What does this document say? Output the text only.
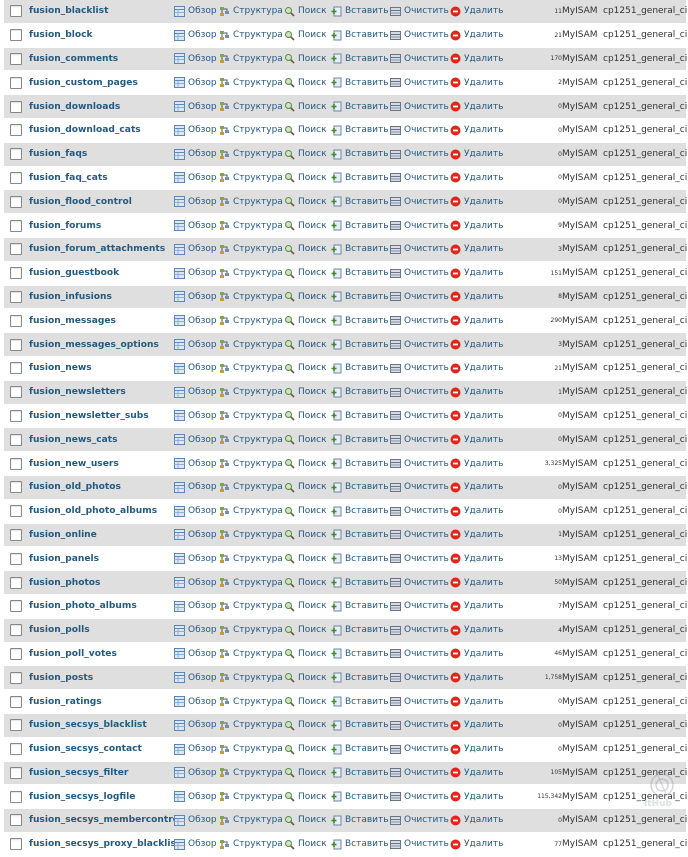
fusion_blacklist	Обзор Структура Поиск Вставить Очистить Удалить	11 MyISAM cp1251_general_ci
fusion_block	Обзор Структура Поиск Вставить Очистить Удалить	21 MyISAM cp1251_general_ci
fusion_comments	Обзор Структура Поиск Вставить Очистить Удалить	170 MyISAM cp1251_general_ci
fusion_custom_pages	Обзор Структура Поиск Вставить Очистить Удалить	2 MyISAM cp1251_general_ci
fusion_downloads	Обзор Структура Поиск Вставить Очистить Удалить	0 MyISAM cp1251_general_ci
fusion_download_cats	Обзор Структура Поиск Вставить Очистить Удалить	0 MyISAM cp1251_general_ci
fusion_faqs	Обзор Структура Поиск Вставить Очистить Удалить	0 MyISAM cp1251_general_ci
fusion_faq_cats	Обзор Структура Поиск Вставить Очистить Удалить	0 MyISAM cp1251_general_ci
fusion_flood_control	Обзор Структура Поиск Вставить Очистить Удалить	0 MyISAM cp1251_general_ci
fusion_forums	Обзор Структура Поиск Вставить Очистить Удалить	9 MyISAM cp1251_general_ci
fusion_forum_attachments	Обзор Структура Поиск Вставить Очистить Удалить	3 MyISAM cp1251_general_ci
fusion_guestbook	Обзор Структура Поиск Вставить Очистить Удалить	151 MyISAM cp1251_general_ci
fusion_infusions	Обзор Структура Поиск Вставить Очистить Удалить	8 MyISAM cp1251_general_ci
fusion_messages	Обзор Структура Поиск Вставить Очистить Удалить	290 MyISAM cp1251_general_ci
fusion_messages_options	Обзор Структура Поиск Вставить Очистить Удалить	3 MyISAM cp1251_general_ci
fusion_news	Обзор Структура Поиск Вставить Очистить Удалить	21 MyISAM cp1251_general_ci
fusion_newsletters	Обзор Структура Поиск Вставить Очистить Удалить	1 MyISAM cp1251_general_ci
fusion_newsletter_subs	Обзор Структура Поиск Вставить Очистить Удалить	0 MyISAM cp1251_general_ci
fusion_news_cats	Обзор Структура Поиск Вставить Очистить Удалить	0 MyISAM cp1251_general_ci
fusion_new_users	Обзор Структура Поиск Вставить Очистить Удалить	3,325 MyISAM cp1251_general_ci
fusion_old_photos	Обзор Структура Поиск Вставить Очистить Удалить	0 MyISAM cp1251_general_ci
fusion_old_photo_albums	Обзор Структура Поиск Вставить Очистить Удалить	0 MyISAM cp1251_general_ci
fusion_online	Обзор Структура Поиск Вставить Очистить Удалить	1 MyISAM cp1251_general_ci
fusion_panels	Обзор Структура Поиск Вставить Очистить Удалить	13 MyISAM cp1251_general_ci
fusion_photos	Обзор Структура Поиск Вставить Очистить Удалить	50 MyISAM cp1251_general_ci
fusion_photo_albums	Обзор Структура Поиск Вставить Очистить Удалить	7 MyISAM cp1251_general_ci
fusion_polls	Обзор Структура Поиск Вставить Очистить Удалить	4 MyISAM cp1251_general_ci
fusion_poll_votes	Обзор Структура Поиск Вставить Очистить Удалить	46 MyISAM cp1251_general_ci
fusion_posts	Обзор Структура Поиск Вставить Очистить Удалить	1,758 MyISAM cp1251_general_ci
fusion_ratings	Обзор Структура Поиск Вставить Очистить Удалить	0 MyISAM cp1251_general_ci
fusion_secsys_blacklist	Обзор Структура Поиск Вставить Очистить Удалить	0 MyISAM cp1251_general_ci
fusion_secsys_contact	Обзор Структура Поиск Вставить Очистить Удалить	0 MyISAM cp1251_general_ci
fusion_secsys_filter	Обзор Структура Поиск Вставить Очистить Удалить	105 MyISAM cp1251_general_ci
fusion_secsys_logfile	Обзор Структура Поиск Вставить Очистить Удалить	115,342 MyISAM cp1251_general_ci
fusion_secsys_membercontrol Обзор Структура Поиск Вставить Очистить Удалить	0 MyISAM cp1251_general_ci
fusion_secsys_proxy_blacklist Обзор Структура Поиск Вставить Очистить Удалить	77 MyISAM cp1251_general_ci
ItHub
